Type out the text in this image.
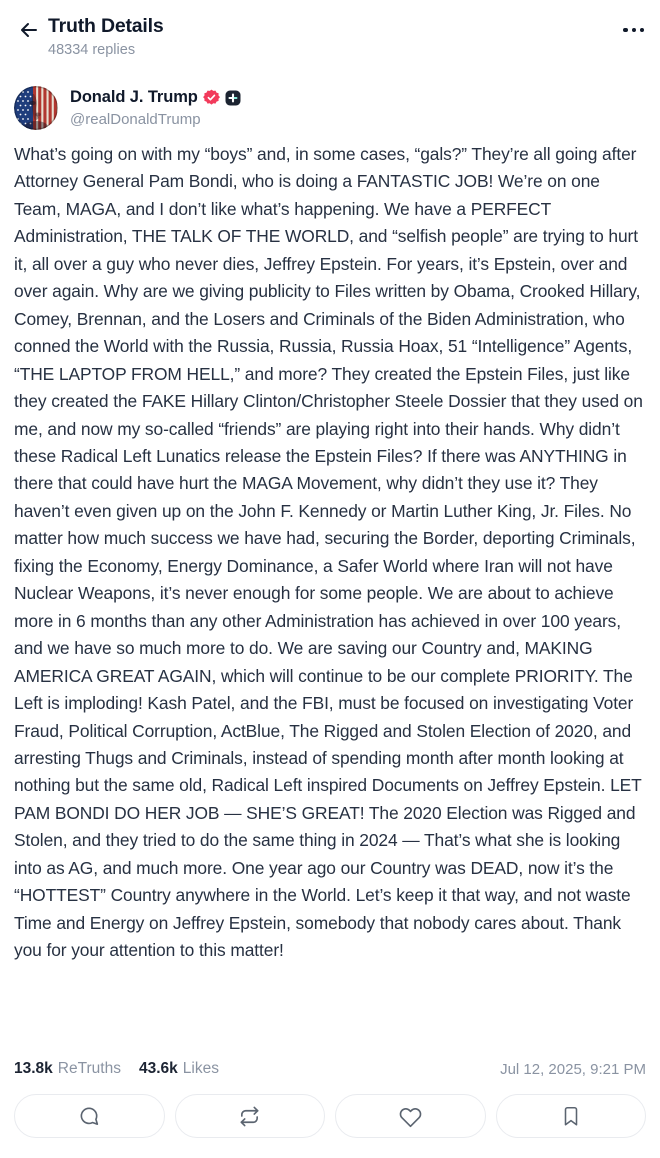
Truth Details
48334 replies
Donald J. Trump
@realDonaldTrump
What’s going on with my “boys” and, in some cases, “gals?” They’re all going after Attorney General Pam Bondi, who is doing a FANTASTIC JOB! We’re on one Team, MAGA, and I don’t like what’s happening. We have a PERFECT Administration, THE TALK OF THE WORLD, and “selfish people” are trying to hurt it, all over a guy who never dies, Jeffrey Epstein. For years, it’s Epstein, over and over again. Why are we giving publicity to Files written by Obama, Crooked Hillary, Comey, Brennan, and the Losers and Criminals of the Biden Administration, who conned the World with the Russia, Russia, Russia Hoax, 51 “Intelligence” Agents, “THE LAPTOP FROM HELL,” and more? They created the Epstein Files, just like they created the FAKE Hillary Clinton/Christopher Steele Dossier that they used on me, and now my so-called “friends” are playing right into their hands. Why didn’t these Radical Left Lunatics release the Epstein Files? If there was ANYTHING in there that could have hurt the MAGA Movement, why didn’t they use it? They haven’t even given up on the John F. Kennedy or Martin Luther King, Jr. Files. No matter how much success we have had, securing the Border, deporting Criminals, fixing the Economy, Energy Dominance, a Safer World where Iran will not have Nuclear Weapons, it’s never enough for some people. We are about to achieve more in 6 months than any other Administration has achieved in over 100 years, and we have so much more to do. We are saving our Country and, MAKING AMERICA GREAT AGAIN, which will continue to be our complete PRIORITY. The Left is imploding! Kash Patel, and the FBI, must be focused on investigating Voter Fraud, Political Corruption, ActBlue, The Rigged and Stolen Election of 2020, and arresting Thugs and Criminals, instead of spending month after month looking at nothing but the same old, Radical Left inspired Documents on Jeffrey Epstein. LET PAM BONDI DO HER JOB — SHE’S GREAT! The 2020 Election was Rigged and Stolen, and they tried to do the same thing in 2024 — That’s what she is looking into as AG, and much more. One year ago our Country was DEAD, now it’s the “HOTTEST” Country anywhere in the World. Let’s keep it that way, and not waste Time and Energy on Jeffrey Epstein, somebody that nobody cares about. Thank you for your attention to this matter!
13.8k ReTruths 43.6k Likes	Jul 12, 2025, 9:21 PM
